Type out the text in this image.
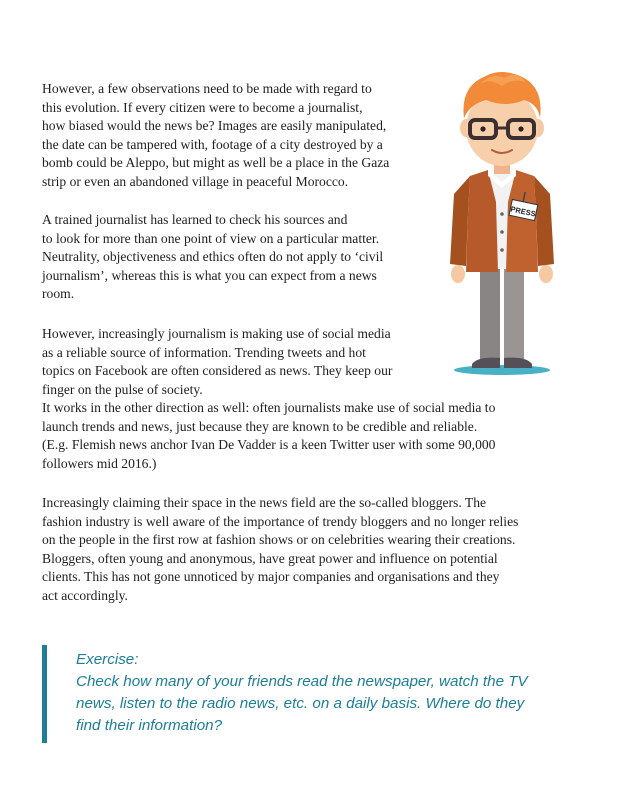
However, a few observations need to be made with regard to
this evolution. If every citizen were to become a journalist,
how biased would the news be? Images are easily manipulated,
the date can be tampered with, footage of a city destroyed by a
bomb could be Aleppo, but might as well be a place in the Gaza
strip or even an abandoned village in peaceful Morocco.

A trained journalist has learned to check his sources and
to look for more than one point of view on a particular matter.
Neutrality, objectiveness and ethics often do not apply to ‘civil
journalism’, whereas this is what you can expect from a news
room.

However, increasingly journalism is making use of social media
as a reliable source of information. Trending tweets and hot
topics on Facebook are often considered as news. They keep our
finger on the pulse of society.
It works in the other direction as well: often journalists make use of social media to
launch trends and news, just because they are known to be credible and reliable.
(E.g. Flemish news anchor Ivan De Vadder is a keen Twitter user with some 90,000
followers mid 2016.)

Increasingly claiming their space in the news field are the so-called bloggers. The
fashion industry is well aware of the importance of trendy bloggers and no longer relies
on the people in the first row at fashion shows or on celebrities wearing their creations.
Bloggers, often young and anonymous, have great power and influence on potential
clients. This has not gone unnoticed by major companies and organisations and they
act accordingly.

Exercise:
Check how many of your friends read the newspaper, watch the TV
news, listen to the radio news, etc. on a daily basis. Where do they
find their information?
PRESS
